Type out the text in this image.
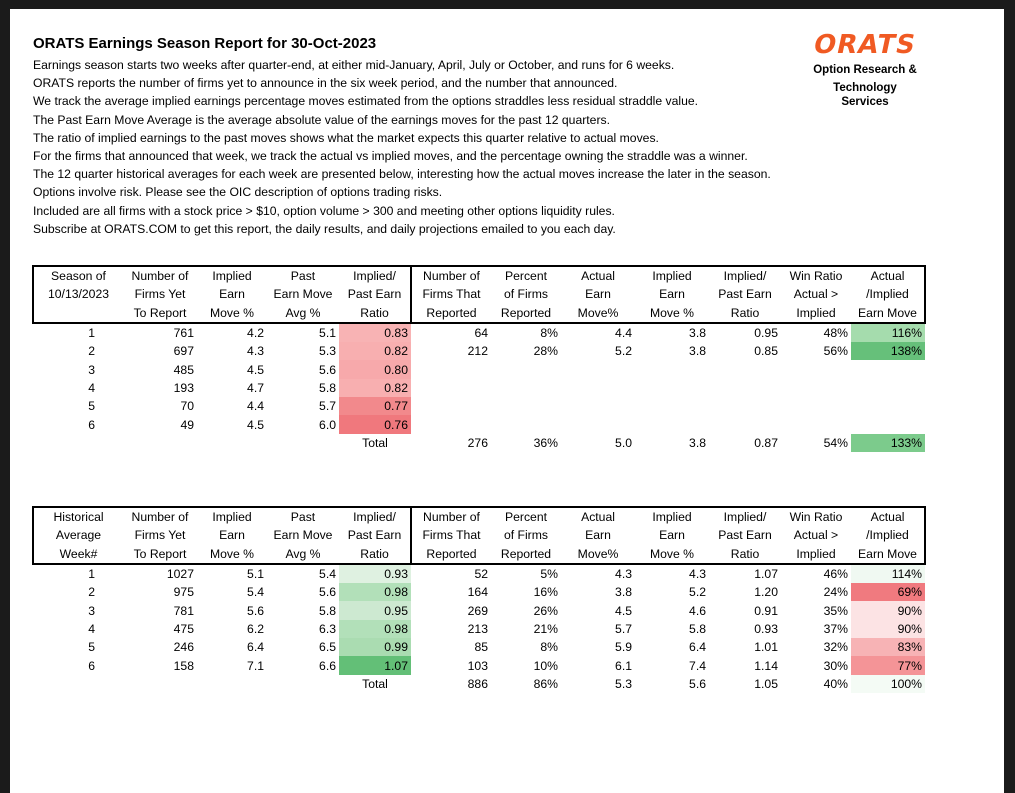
ORATS Earnings Season Report for 30-Oct-2023
Earnings season starts two weeks after quarter-end, at either mid-January, April, July or October, and runs for 6 weeks.
ORATS reports the number of firms yet to announce in the six week period, and the number that announced.
We track the average implied earnings percentage moves estimated from the options straddles less residual straddle value.
The Past Earn Move Average is the average absolute value of the earnings moves for the past 12 quarters.
The ratio of implied earnings to the past moves shows what the market expects this quarter relative to actual moves.
For the firms that announced that week, we track the actual vs implied moves, and the percentage owning the straddle was a winner.
The 12 quarter historical averages for each week are presented below, interesting how the actual moves increase the later in the season.
Options involve risk. Please see the OIC description of options trading risks.
Included are all firms with a stock price > $10, option volume > 300 and meeting other options liquidity rules.
Subscribe at ORATS.COM to get this report, the daily results, and daily projections emailed to you each day.
ORATS
Option Research &
Technology Services
Season of	Number of	Implied	Past	Implied/	Number of	Percent	Actual	Implied	Implied/	Win Ratio	Actual
10/13/2023	Firms Yet	Earn	Earn Move	Past Earn	Firms That	of Firms	Earn	Earn	Past Earn	Actual >	/Implied
	To Report	Move %	Avg %	Ratio	Reported	Reported	Move%	Move %	Ratio	Implied	Earn Move
1	761	4.2	5.1	0.83	64	8%	4.4	3.8	0.95	48%	116%
2	697	4.3	5.3	0.82	212	28%	5.2	3.8	0.85	56%	138%
3	485	4.5	5.6	0.80							
4	193	4.7	5.8	0.82							
5	70	4.4	5.7	0.77							
6	49	4.5	6.0	0.76							
				Total	276	36%	5.0	3.8	0.87	54%	133%
Historical	Number of	Implied	Past	Implied/	Number of	Percent	Actual	Implied	Implied/	Win Ratio	Actual
Average	Firms Yet	Earn	Earn Move	Past Earn	Firms That	of Firms	Earn	Earn	Past Earn	Actual >	/Implied
Week#	To Report	Move %	Avg %	Ratio	Reported	Reported	Move%	Move %	Ratio	Implied	Earn Move
1	1027	5.1	5.4	0.93	52	5%	4.3	4.3	1.07	46%	114%
2	975	5.4	5.6	0.98	164	16%	3.8	5.2	1.20	24%	69%
3	781	5.6	5.8	0.95	269	26%	4.5	4.6	0.91	35%	90%
4	475	6.2	6.3	0.98	213	21%	5.7	5.8	0.93	37%	90%
5	246	6.4	6.5	0.99	85	8%	5.9	6.4	1.01	32%	83%
6	158	7.1	6.6	1.07	103	10%	6.1	7.4	1.14	30%	77%
				Total	886	86%	5.3	5.6	1.05	40%	100%
